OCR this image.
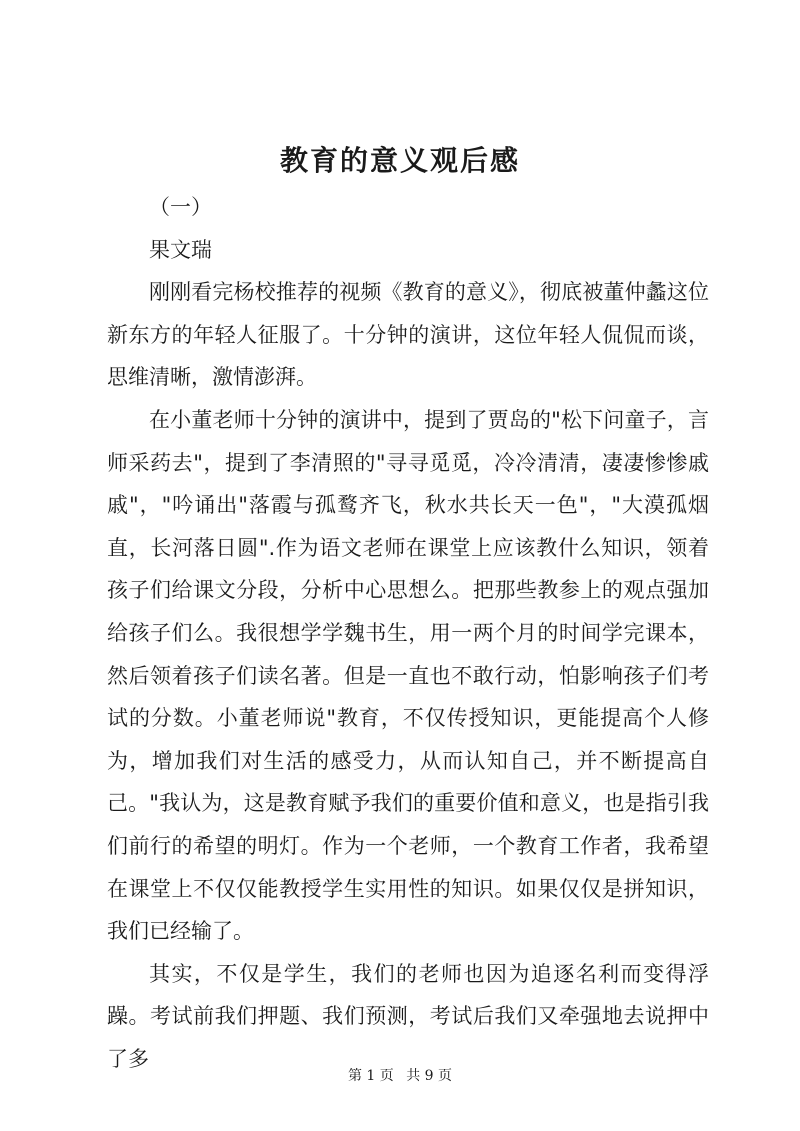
教育的意义观后感

（一）

果文瑞

刚刚看完杨校推荐的视频《教育的意义》，彻底被董仲蠡这位新东方的年轻人征服了。十分钟的演讲，这位年轻人侃侃而谈，思维清晰，激情澎湃。

在小董老师十分钟的演讲中，提到了贾岛的"松下问童子，言师采药去"，提到了李清照的"寻寻觅觅，冷冷清清，凄凄惨惨戚戚"，"吟诵出"落霞与孤鹜齐飞，秋水共长天一色"，"大漠孤烟直，长河落日圆".作为语文老师在课堂上应该教什么知识，领着孩子们给课文分段，分析中心思想么。把那些教参上的观点强加给孩子们么。我很想学学魏书生，用一两个月的时间学完课本，然后领着孩子们读名著。但是一直也不敢行动，怕影响孩子们考试的分数。小董老师说"教育，不仅传授知识，更能提高个人修为，增加我们对生活的感受力，从而认知自己，并不断提高自己。"我认为，这是教育赋予我们的重要价值和意义，也是指引我们前行的希望的明灯。作为一个老师，一个教育工作者，我希望在课堂上不仅仅能教授学生实用性的知识。如果仅仅是拼知识，我们已经输了。

其实，不仅是学生，我们的老师也因为追逐名利而变得浮躁。考试前我们押题、我们预测，考试后我们又牵强地去说押中了多

第 1 页 共 9 页
